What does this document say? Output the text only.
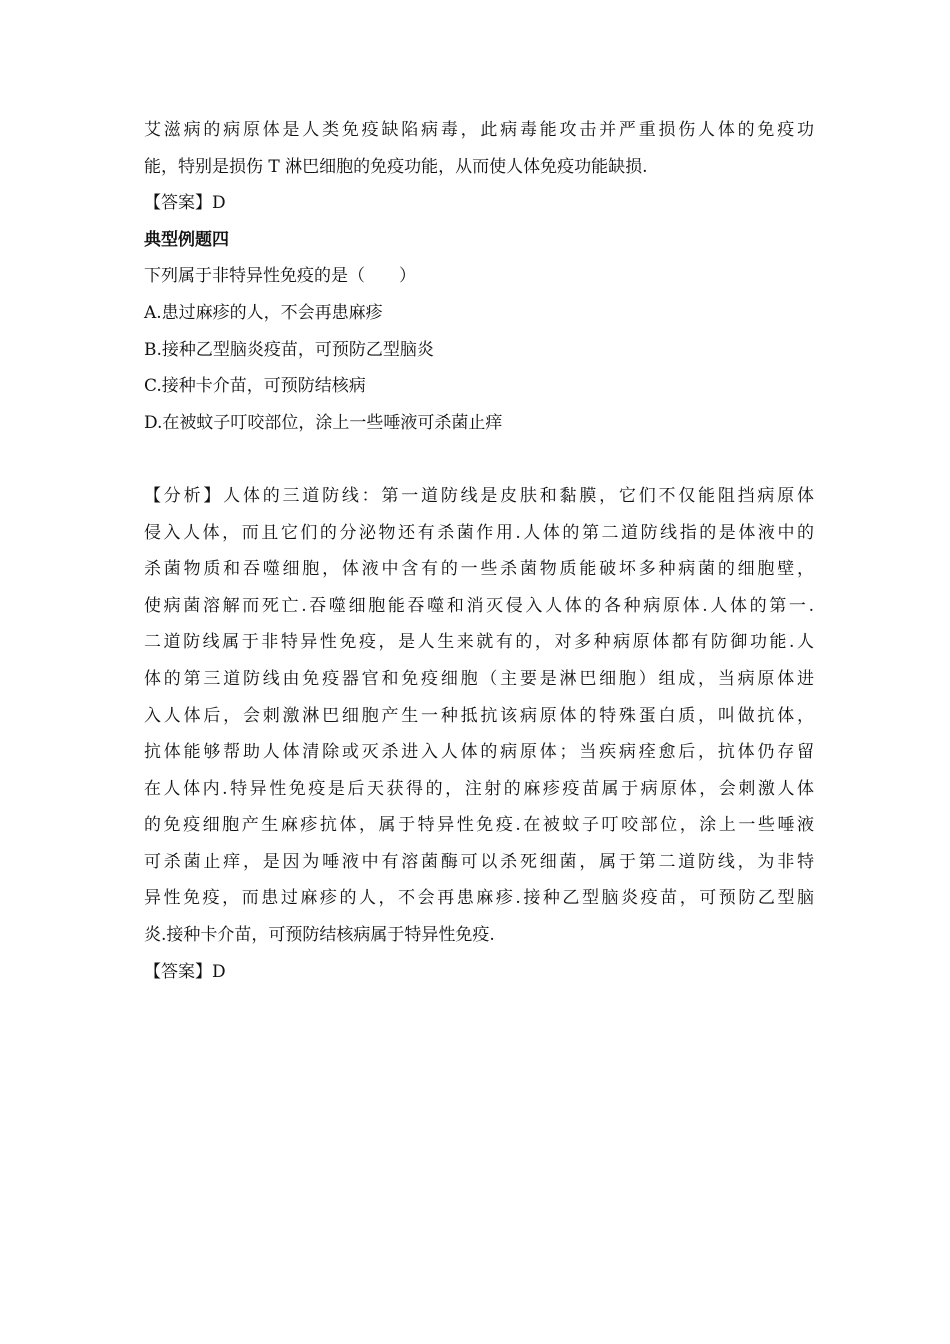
艾滋病的病原体是人类免疫缺陷病毒，此病毒能攻击并严重损伤人体的免疫功
能，特别是损伤 T 淋巴细胞的免疫功能，从而使人体免疫功能缺损.
【答案】D
典型例题四
下列属于非特异性免疫的是（　　）
A.患过麻疹的人，不会再患麻疹
B.接种乙型脑炎疫苗，可预防乙型脑炎
C.接种卡介苗，可预防结核病
D.在被蚊子叮咬部位，涂上一些唾液可杀菌止痒
【分析】人体的三道防线：第一道防线是皮肤和黏膜，它们不仅能阻挡病原体
侵入人体，而且它们的分泌物还有杀菌作用.人体的第二道防线指的是体液中的
杀菌物质和吞噬细胞，体液中含有的一些杀菌物质能破坏多种病菌的细胞壁，
使病菌溶解而死亡.吞噬细胞能吞噬和消灭侵入人体的各种病原体.人体的第一.
二道防线属于非特异性免疫，是人生来就有的，对多种病原体都有防御功能.人
体的第三道防线由免疫器官和免疫细胞（主要是淋巴细胞）组成，当病原体进
入人体后，会刺激淋巴细胞产生一种抵抗该病原体的特殊蛋白质，叫做抗体，
抗体能够帮助人体清除或灭杀进入人体的病原体；当疾病痊愈后，抗体仍存留
在人体内.特异性免疫是后天获得的，注射的麻疹疫苗属于病原体，会刺激人体
的免疫细胞产生麻疹抗体，属于特异性免疫.在被蚊子叮咬部位，涂上一些唾液
可杀菌止痒，是因为唾液中有溶菌酶可以杀死细菌，属于第二道防线，为非特
异性免疫，而患过麻疹的人，不会再患麻疹.接种乙型脑炎疫苗，可预防乙型脑
炎.接种卡介苗，可预防结核病属于特异性免疫.
【答案】D
